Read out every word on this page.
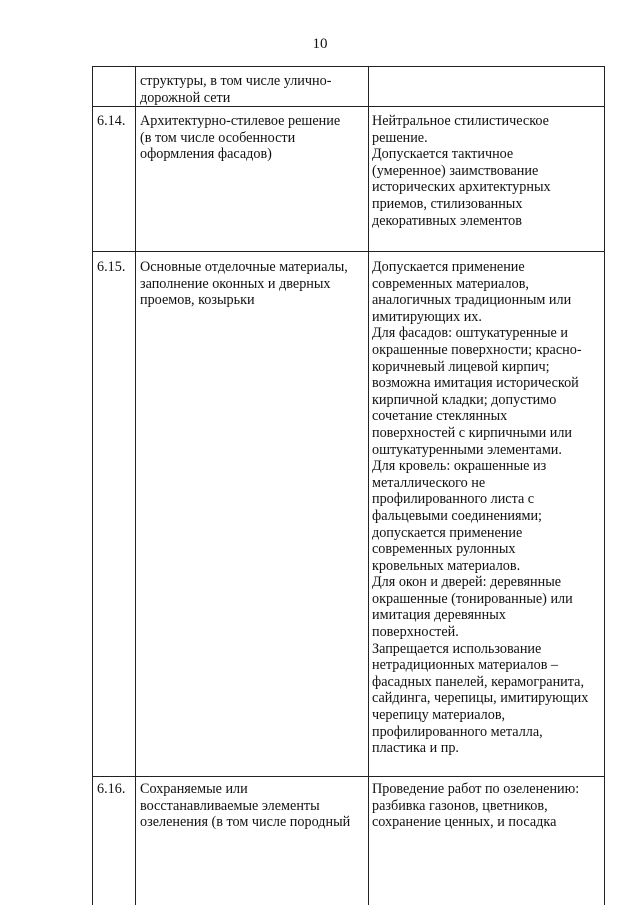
10
структуры, в том числе улично-
дорожной сети
6.14. Архитектурно-стилевое решение
(в том числе особенности
оформления фасадов)
Нейтральное стилистическое
решение.
Допускается тактичное
(умеренное) заимствование
исторических архитектурных
приемов, стилизованных
декоративных элементов
6.15. Основные отделочные материалы,
заполнение оконных и дверных
проемов, козырьки
Допускается применение
современных материалов,
аналогичных традиционным или
имитирующих их.
Для фасадов: оштукатуренные и
окрашенные поверхности; красно-
коричневый лицевой кирпич;
возможна имитация исторической
кирпичной кладки; допустимо
сочетание стеклянных
поверхностей с кирпичными или
оштукатуренными элементами.
Для кровель: окрашенные из
металлического не
профилированного листа с
фальцевыми соединениями;
допускается применение
современных рулонных
кровельных материалов.
Для окон и дверей: деревянные
окрашенные (тонированные) или
имитация деревянных
поверхностей.
Запрещается использование
нетрадиционных материалов –
фасадных панелей, керамогранита,
сайдинга, черепицы, имитирующих
черепицу материалов,
профилированного металла,
пластика и пр.
6.16. Сохраняемые или
восстанавливаемые элементы
озеленения (в том числе породный
Проведение работ по озеленению:
разбивка газонов, цветников,
сохранение ценных, и посадка
